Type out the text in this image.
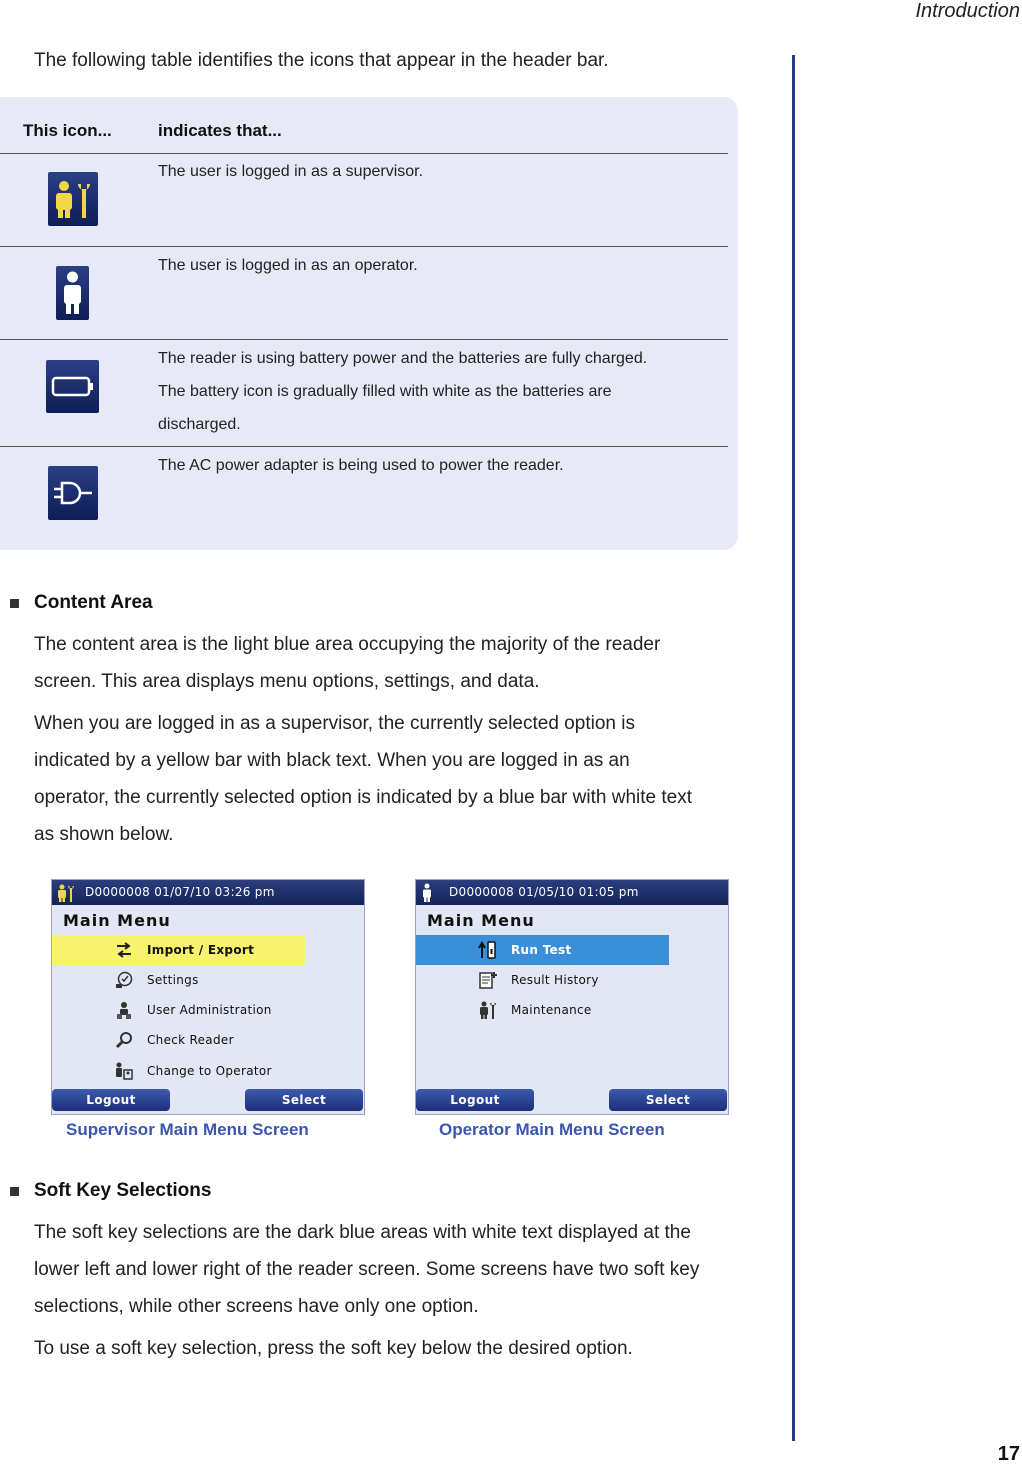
Introduction
The following table identifies the icons that appear in the header bar.
This icon...	indicates that...
The user is logged in as a supervisor.
The user is logged in as an operator.
The reader is using battery power and the batteries are fully charged.
The battery icon is gradually filled with white as the batteries are
discharged.
The AC power adapter is being used to power the reader.
Content Area
The content area is the light blue area occupying the majority of the reader
screen. This area displays menu options, settings, and data.
When you are logged in as a supervisor, the currently selected option is
indicated by a yellow bar with black text. When you are logged in as an
operator, the currently selected option is indicated by a blue bar with white text
as shown below.
D0000008 01/07/10 03:26 pm
Main Menu
Import / Export
Settings
User Administration
Check Reader
Change to Operator
Logout	Select
Supervisor Main Menu Screen
D0000008 01/05/10 01:05 pm
Main Menu
Run Test
Result History
Maintenance
Logout	Select
Operator Main Menu Screen
Soft Key Selections
The soft key selections are the dark blue areas with white text displayed at the
lower left and lower right of the reader screen. Some screens have two soft key
selections, while other screens have only one option.
To use a soft key selection, press the soft key below the desired option.
17
